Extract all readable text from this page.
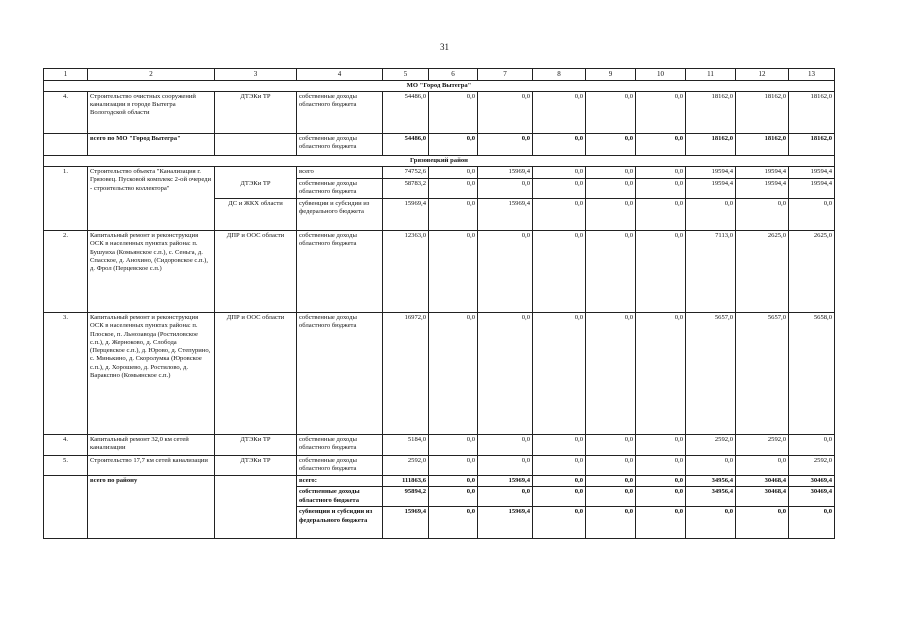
31
1	2	3	4	5	6	7	8	9	10	11	12	13
МО "Город Вытегра"												
4.	Строительство очистных сооружений канализации в городе Вытегра Вологодской области	ДТЭКи ТР	собственные доходы областного бюджета	54486,0	0,0	0,0	0,0	0,0	0,0	18162,0	18162,0	18162,0
	всего по МО "Город Вытегра"		собственные доходы областного бюджета	54486,0	0,0	0,0	0,0	0,0	0,0	18162,0	18162,0	18162,0
Грязовецкий район												
1.	Строительство объекта "Канализация г. Грязовец. Пусковой комплекс 2-ой очереди - строительство коллектора"		всего	74752,6	0,0	15969,4	0,0	0,0	0,0	19594,4	19594,4	19594,4
		ДТЭКи ТР	собственные доходы областного бюджета	58783,2	0,0	0,0	0,0	0,0	0,0	19594,4	19594,4	19594,4
		ДС и ЖКХ области	субвенции и субсидии из федерального бюджета	15969,4	0,0	15969,4	0,0	0,0	0,0	0,0	0,0	0,0
2.	Капитальный ремонт и реконструкция ОСК в населенных пунктах района: п. Бушуиха (Комьянское с.п.), с. Сеньга, д. Спасское, д. Анохино, (Сидоровское с.п.), д. Фрол (Перцевское с.п.)	ДПР и ООС области	собственные доходы областного бюджета	12363,0	0,0	0,0	0,0	0,0	0,0	7113,0	2625,0	2625,0
3.	Капитальный ремонт и реконструкция ОСК в населенных пунктах района: п. Плоское, п. Льнозавода (Ростиловское с.п.), д. Жерноково, д. Слобода (Перцевское с.п.), д. Юрово, д. Степурино, с. Минькино, д. Скоролумка (Юровское с.п.), д. Хорошево, д. Ростилово, д. Варакспно (Комьянское с.п.)	ДПР и ООС области	собственные доходы областного бюджета	16972,0	0,0	0,0	0,0	0,0	0,0	5657,0	5657,0	5658,0
4.	Капитальный ремонт 32,0 км сетей канализации	ДТЭКи ТР	собственные доходы областного бюджета	5184,0	0,0	0,0	0,0	0,0	0,0	2592,0	2592,0	0,0
5.	Строительство 17,7 км сетей канализации	ДТЭКи ТР	собственные доходы областного бюджета	2592,0	0,0	0,0	0,0	0,0	0,0	0,0	0,0	2592,0
	всего по району		всего:	111863,6	0,0	15969,4	0,0	0,0	0,0	34956,4	30468,4	30469,4
			собственные доходы областного бюджета	95894,2	0,0	0,0	0,0	0,0	0,0	34956,4	30468,4	30469,4
			субвенции и субсидии из федерального бюджета	15969,4	0,0	15969,4	0,0	0,0	0,0	0,0	0,0	0,0
